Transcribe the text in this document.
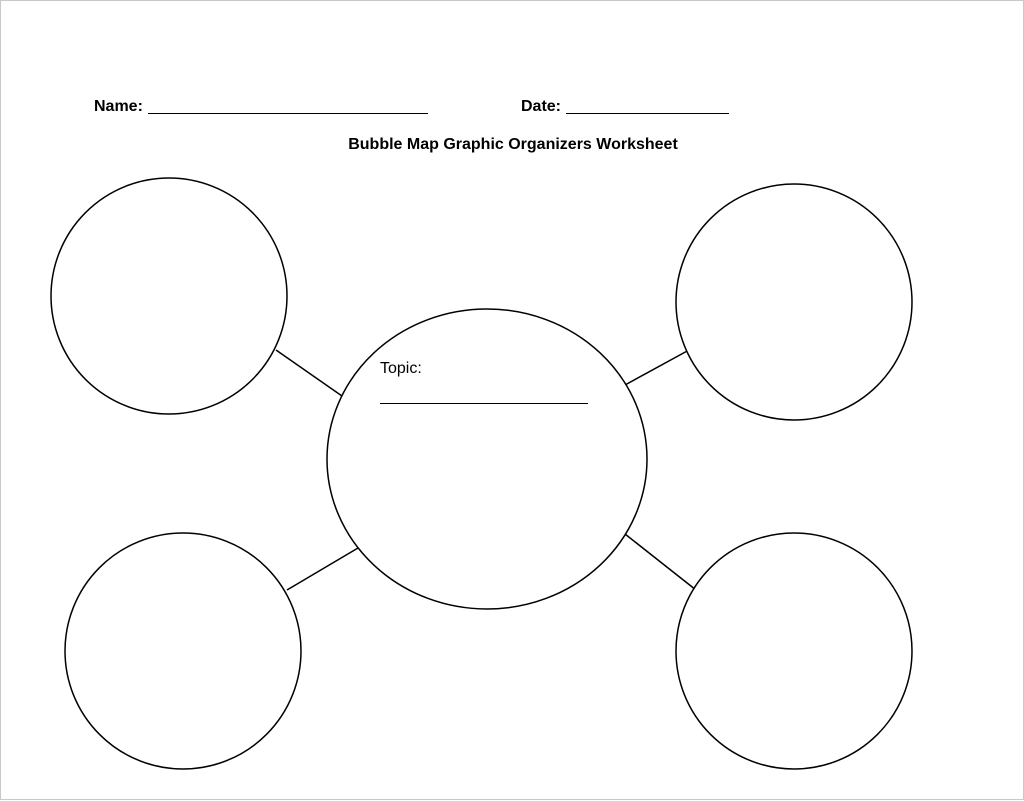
Name:	Date:
Bubble Map Graphic Organizers Worksheet
Topic:
